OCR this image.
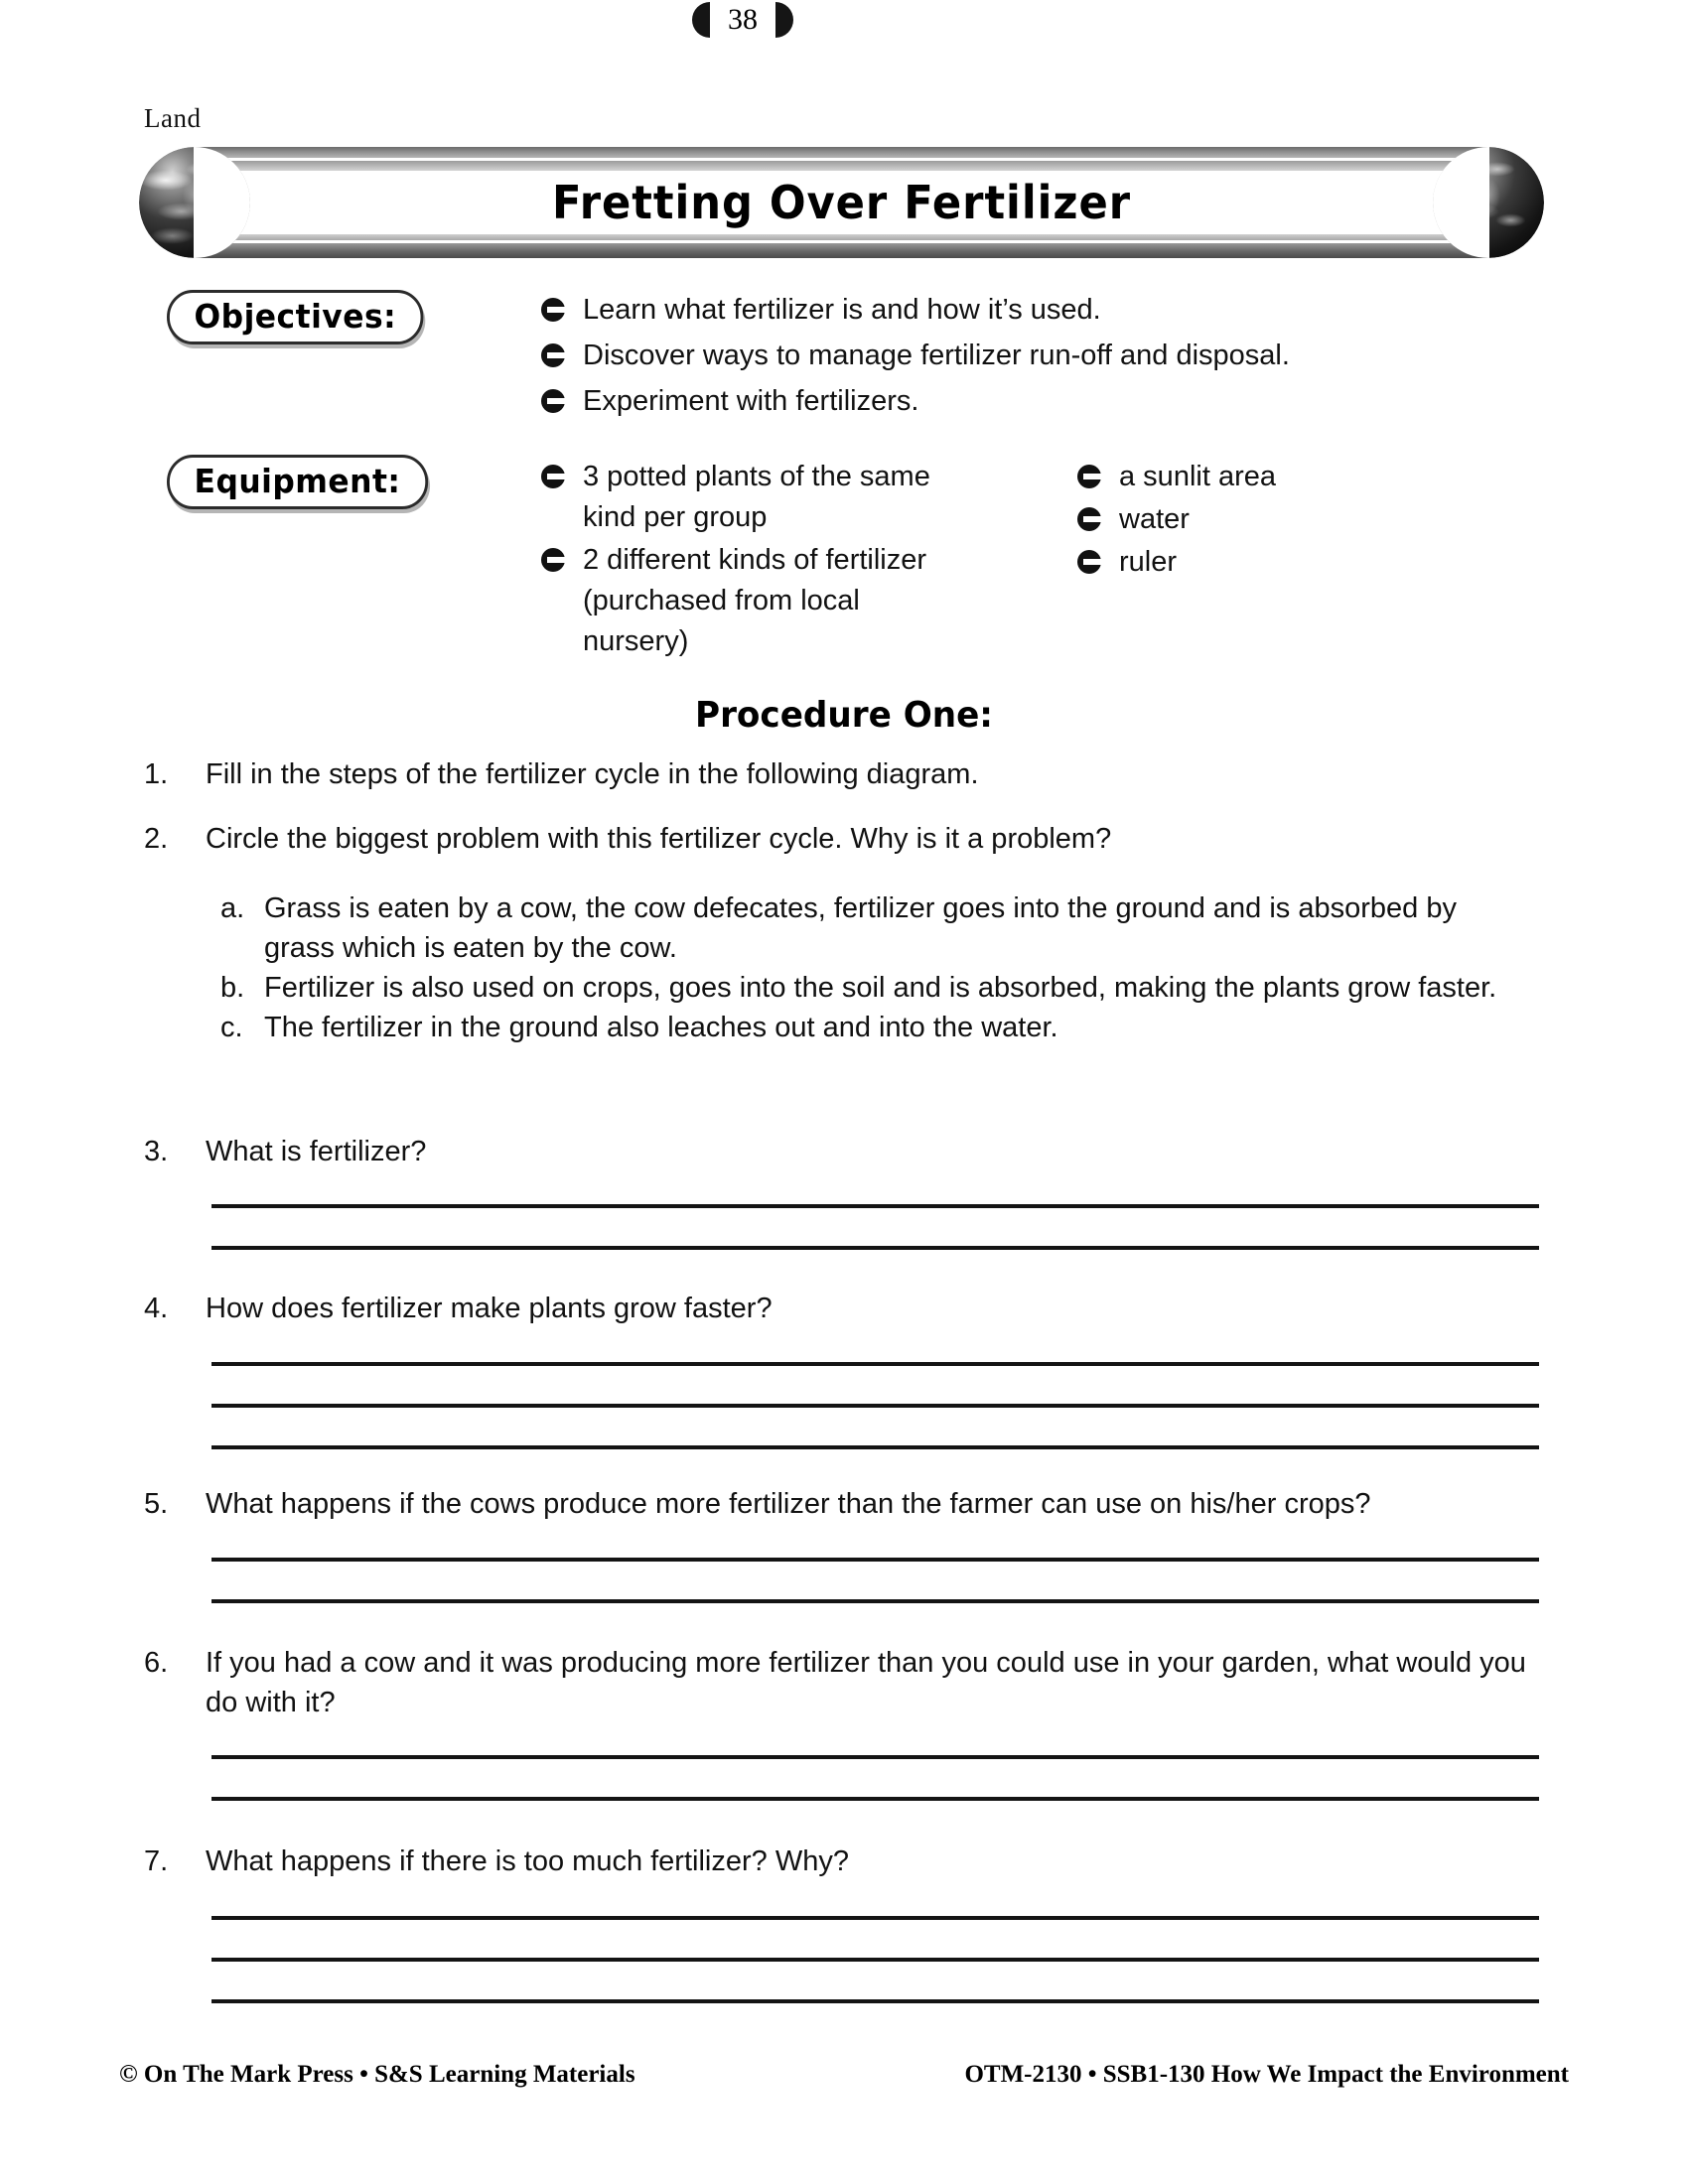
Land
Fretting Over Fertilizer
Objectives:	Learn what fertilizer is and how it’s used.
Discover ways to manage fertilizer run-off and disposal.
Experiment with fertilizers.
Equipment:	3 potted plants of the same kind per group
2 different kinds of fertilizer (purchased from local nursery)
a sunlit area
water
ruler
Procedure One:
1.	Fill in the steps of the fertilizer cycle in the following diagram.
2.	Circle the biggest problem with this fertilizer cycle. Why is it a problem?
a. Grass is eaten by a cow, the cow defecates, fertilizer goes into the ground and is absorbed by grass which is eaten by the cow.
b. Fertilizer is also used on crops, goes into the soil and is absorbed, making the plants grow faster.
c. The fertilizer in the ground also leaches out and into the water.
3.	What is fertilizer?
4.	How does fertilizer make plants grow faster?
5.	What happens if the cows produce more fertilizer than the farmer can use on his/her crops?
6.	If you had a cow and it was producing more fertilizer than you could use in your garden, what would you do with it?
7.	What happens if there is too much fertilizer? Why?
© On The Mark Press • S&S Learning Materials	OTM-2130 • SSB1-130 How We Impact the Environment
38
